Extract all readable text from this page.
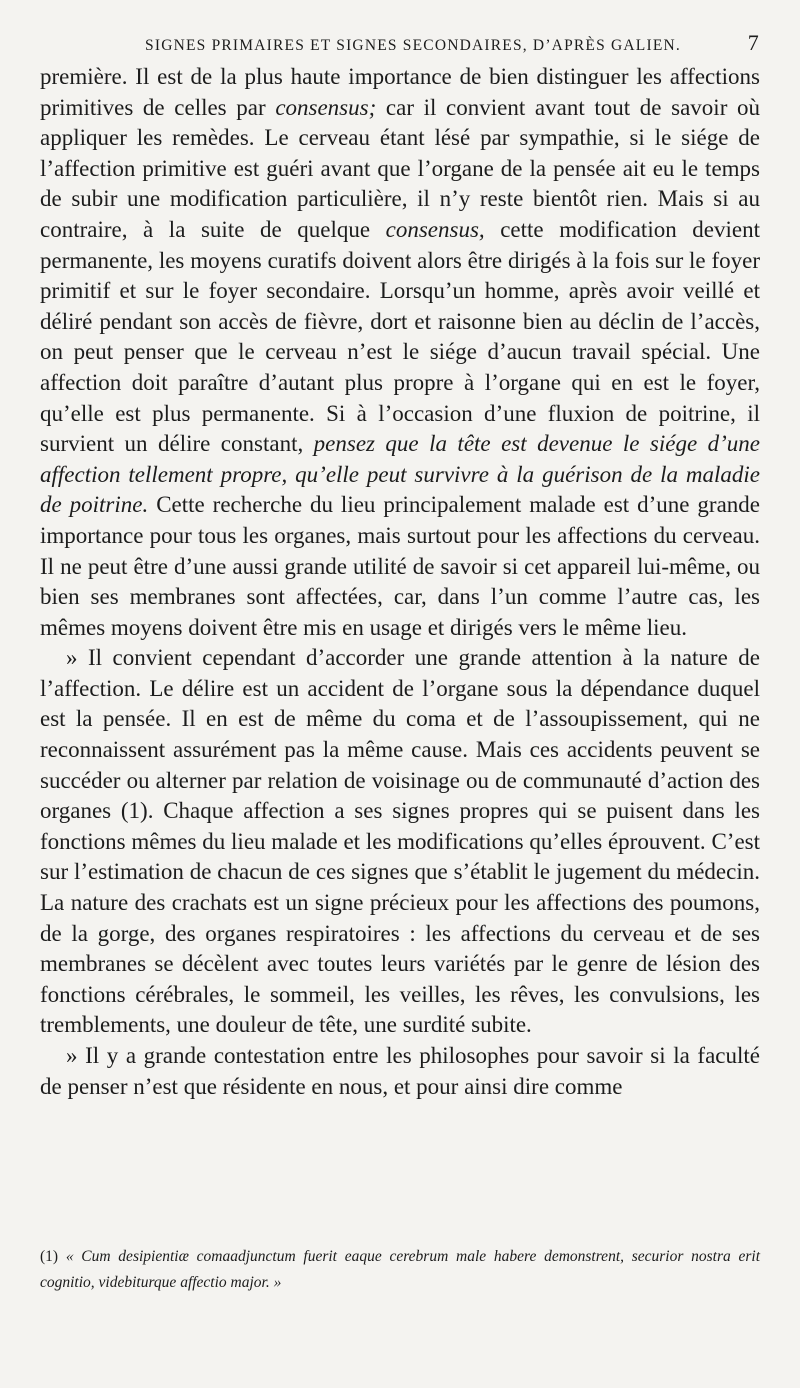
SIGNES PRIMAIRES ET SIGNES SECONDAIRES, D’APRÈS GALIEN.	7

première. Il est de la plus haute importance de bien distinguer les affections primitives de celles par consensus; car il convient avant tout de savoir où appliquer les remèdes. Le cerveau étant lésé par sympathie, si le siége de l’affection primitive est guéri avant que l’organe de la pensée ait eu le temps de subir une modification particulière, il n’y reste bientôt rien. Mais si au contraire, à la suite de quelque consensus, cette modification devient permanente, les moyens curatifs doivent alors être dirigés à la fois sur le foyer primitif et sur le foyer secondaire. Lorsqu’un homme, après avoir veillé et déliré pendant son accès de fièvre, dort et raisonne bien au déclin de l’accès, on peut penser que le cerveau n’est le siége d’aucun travail spécial. Une affection doit paraître d’autant plus propre à l’organe qui en est le foyer, qu’elle est plus permanente. Si à l’occasion d’une fluxion de poitrine, il survient un délire constant, pensez que la tête est devenue le siége d’une affection tellement propre, qu’elle peut survivre à la guérison de la maladie de poitrine. Cette recherche du lieu principalement malade est d’une grande importance pour tous les organes, mais surtout pour les affections du cerveau. Il ne peut être d’une aussi grande utilité de savoir si cet appareil lui-même, ou bien ses membranes sont affectées, car, dans l’un comme l’autre cas, les mêmes moyens doivent être mis en usage et dirigés vers le même lieu.

» Il convient cependant d’accorder une grande attention à la nature de l’affection. Le délire est un accident de l’organe sous la dépendance duquel est la pensée. Il en est de même du coma et de l’assoupissement, qui ne reconnaissent assurément pas la même cause. Mais ces accidents peuvent se succéder ou alterner par relation de voisinage ou de communauté d’action des organes (1). Chaque affection a ses signes propres qui se puisent dans les fonctions mêmes du lieu malade et les modifications qu’elles éprouvent. C’est sur l’estimation de chacun de ces signes que s’établit le jugement du médecin. La nature des crachats est un signe précieux pour les affections des poumons, de la gorge, des organes respiratoires : les affections du cerveau et de ses membranes se décèlent avec toutes leurs variétés par le genre de lésion des fonctions cérébrales, le sommeil, les veilles, les rêves, les convulsions, les tremblements, une douleur de tête, une surdité subite.

» Il y a grande contestation entre les philosophes pour savoir si la faculté de penser n’est que résidente en nous, et pour ainsi dire comme

(1) « Cum desipientiæ comaadjunctum fuerit eaque cerebrum male habere demonstrent, securior nostra erit cognitio, videbiturque affectio major. »
